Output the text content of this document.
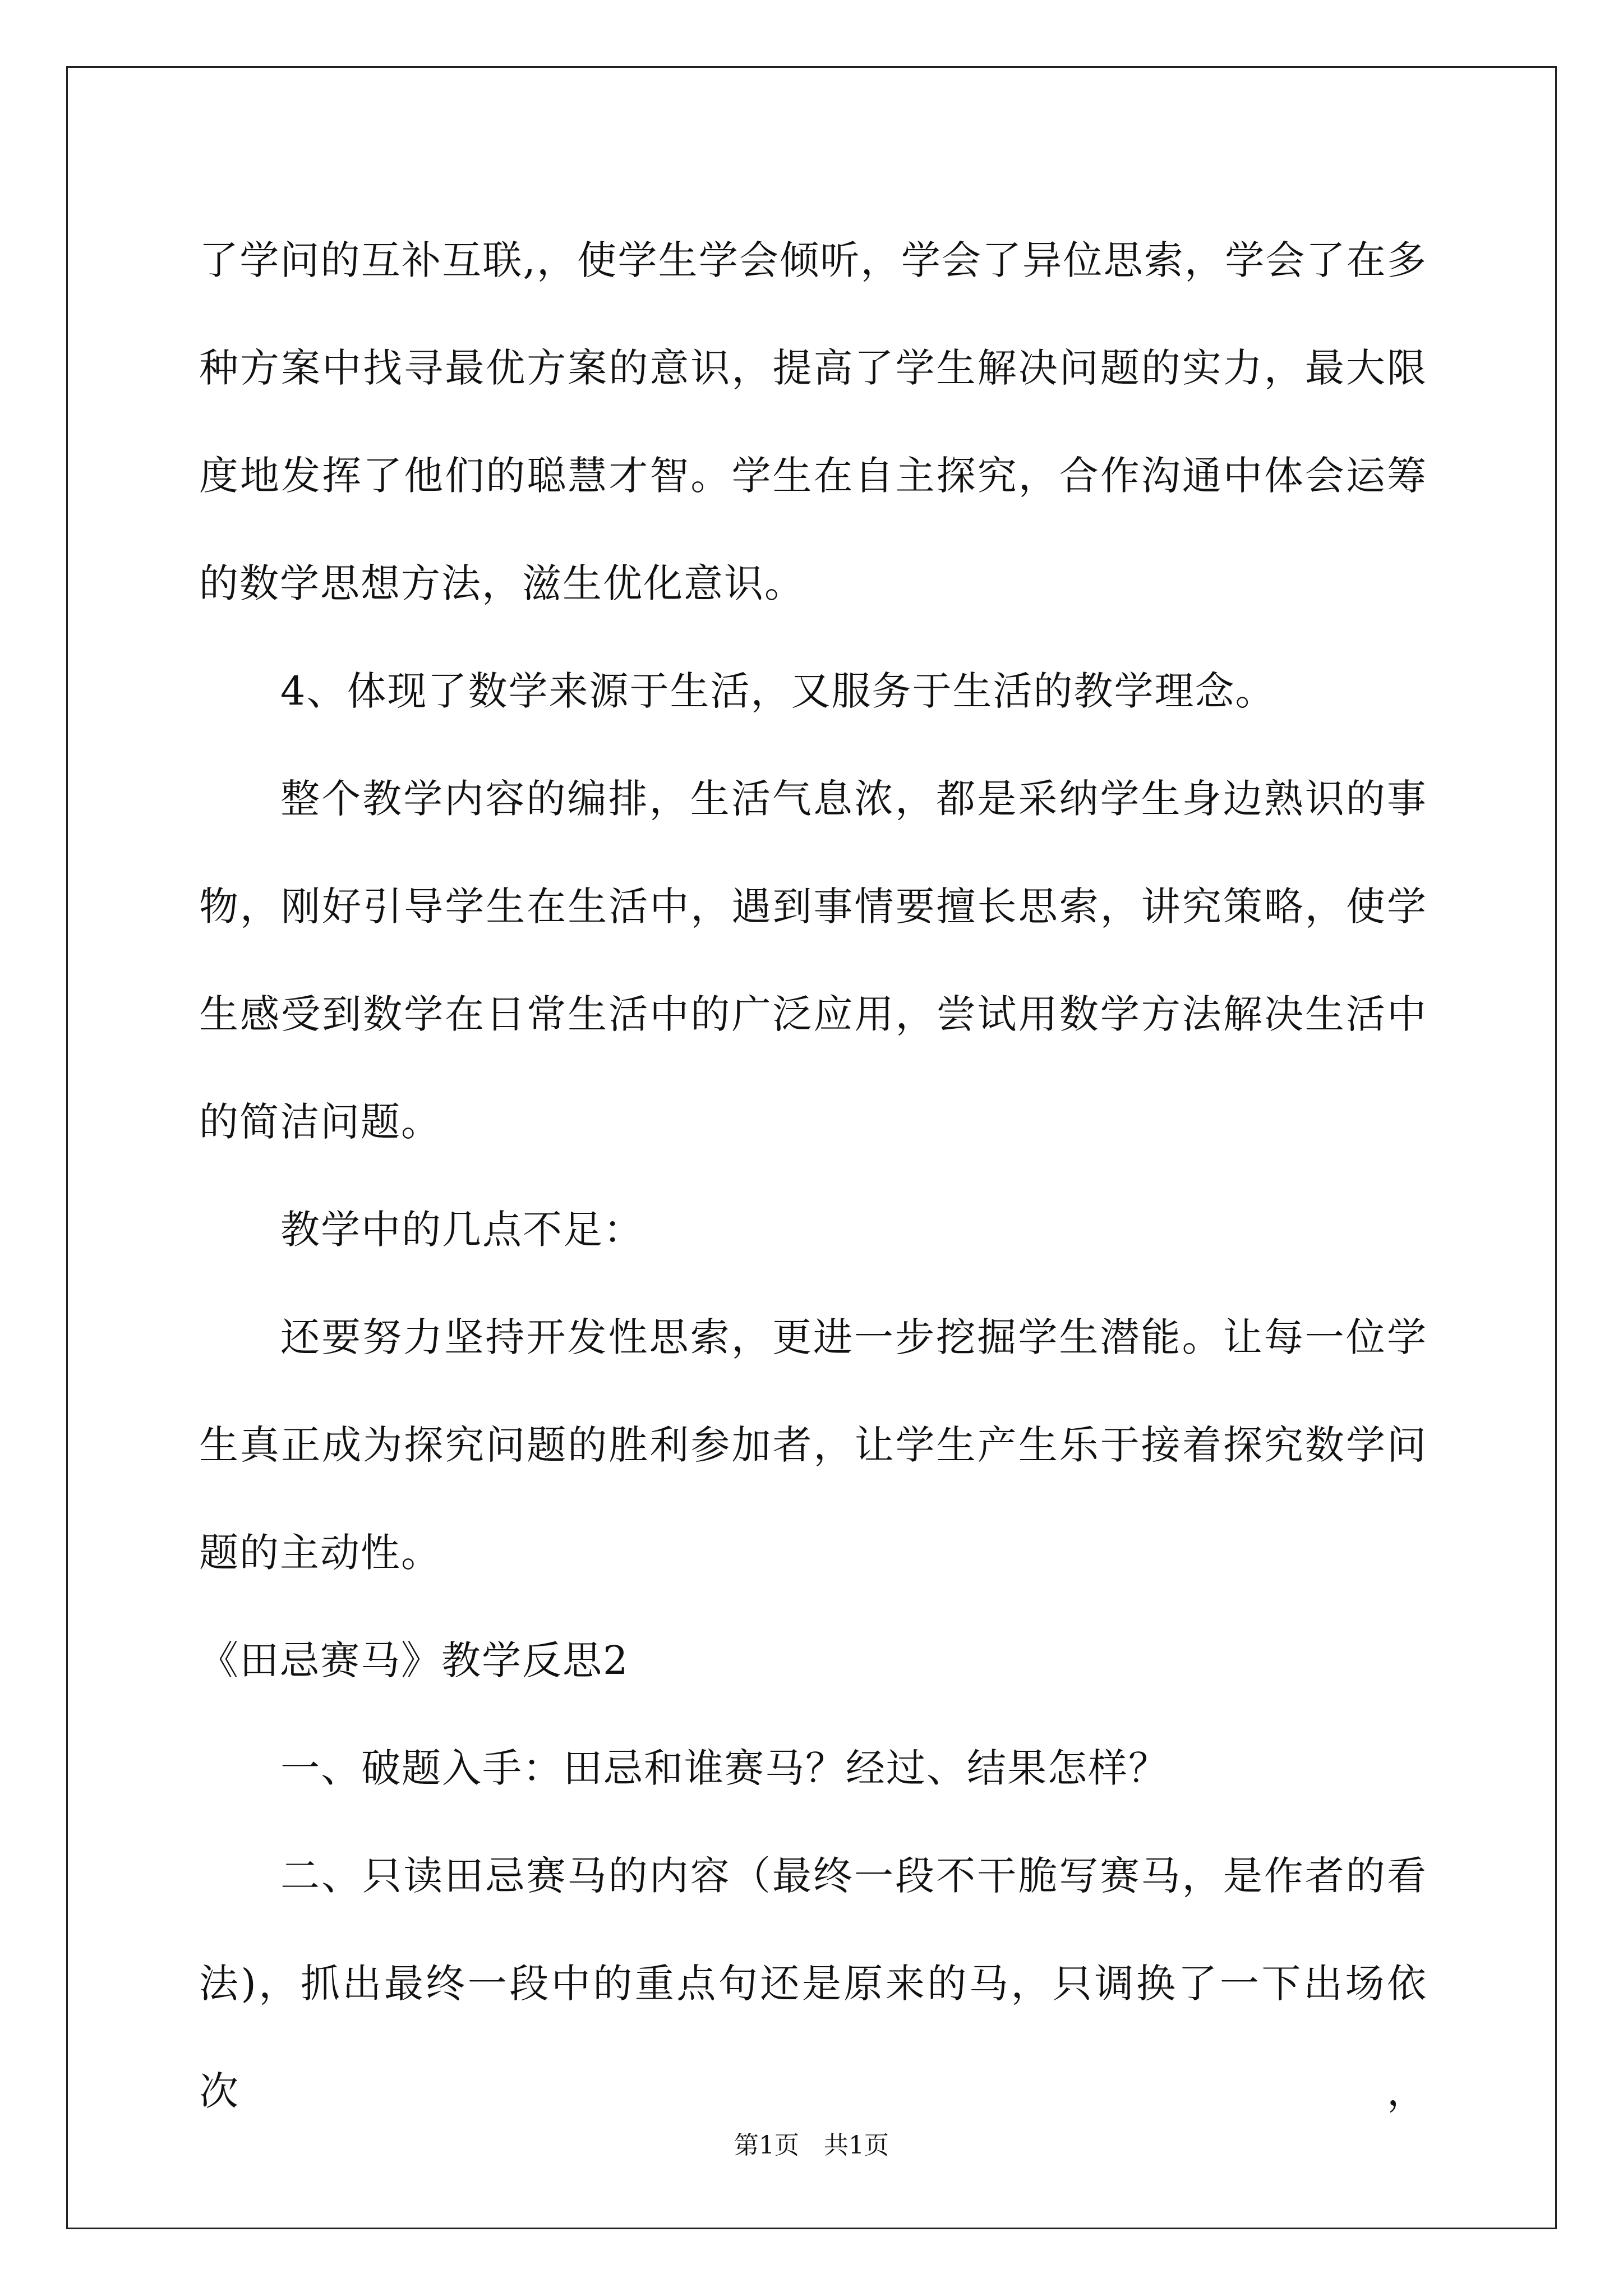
了学问的互补互联,，使学生学会倾听，学会了异位思索，学会了在多
种方案中找寻最优方案的意识，提高了学生解决问题的实力，最大限
度地发挥了他们的聪慧才智。学生在自主探究，合作沟通中体会运筹
的数学思想方法，滋生优化意识。
4、体现了数学来源于生活，又服务于生活的教学理念。
整个教学内容的编排，生活气息浓，都是采纳学生身边熟识的事
物，刚好引导学生在生活中，遇到事情要擅长思索，讲究策略，使学
生感受到数学在日常生活中的广泛应用，尝试用数学方法解决生活中
的简洁问题。
教学中的几点不足：
还要努力坚持开发性思索，更进一步挖掘学生潜能。让每一位学
生真正成为探究问题的胜利参加者，让学生产生乐于接着探究数学问
题的主动性。
《田忌赛马》教学反思2
一、破题入手：田忌和谁赛马？经过、结果怎样？
二、只读田忌赛马的内容（最终一段不干脆写赛马，是作者的看
法)，抓出最终一段中的重点句还是原来的马，只调换了一下出场依次，
第1页　共1页
